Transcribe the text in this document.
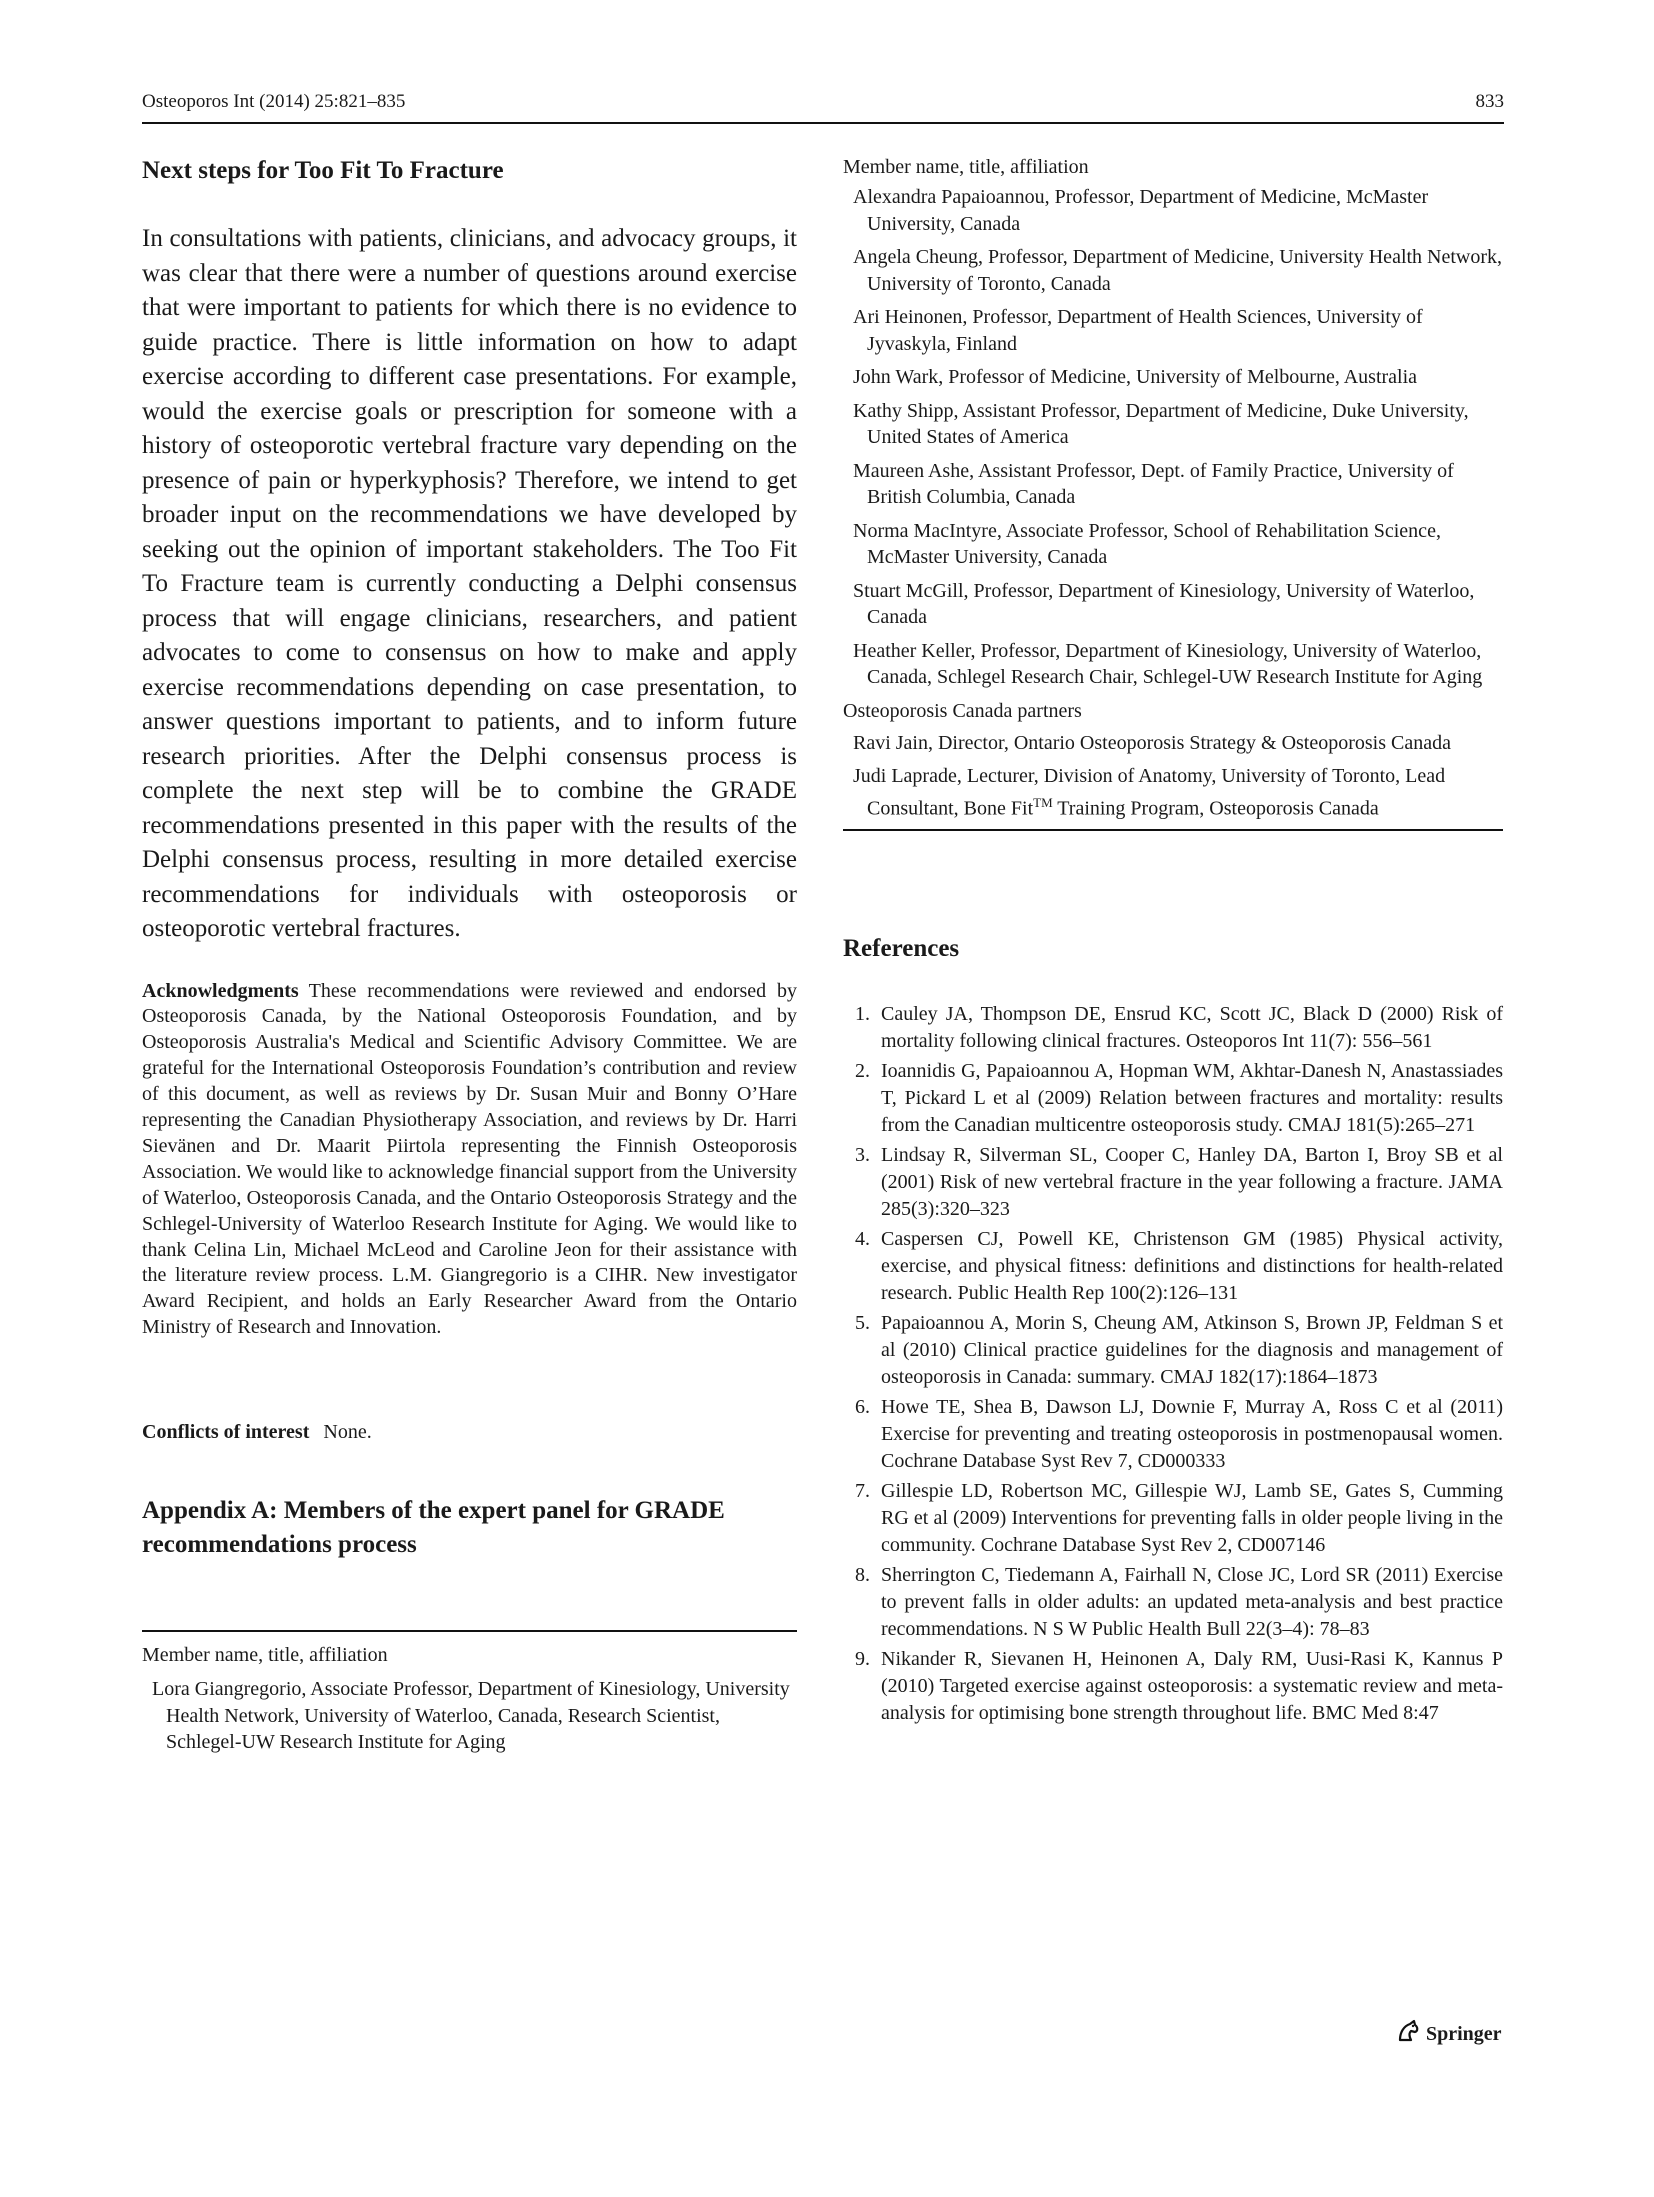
Osteoporos Int (2014) 25:821–835	833
Next steps for Too Fit To Fracture

In consultations with patients, clinicians, and advocacy groups, it was clear that there were a number of questions around exercise that were important to patients for which there is no evidence to guide practice. There is little information on how to adapt exercise according to different case presentations. For example, would the exercise goals or prescription for someone with a history of osteoporotic vertebral fracture vary depending on the presence of pain or hyperkyphosis? Therefore, we intend to get broader input on the recommendations we have developed by seeking out the opinion of important stakeholders. The Too Fit To Fracture team is currently conducting a Delphi consensus process that will engage clinicians, researchers, and patient advocates to come to consensus on how to make and apply exercise recommendations depending on case presentation, to answer questions important to patients, and to inform future research priorities. After the Delphi consensus process is complete the next step will be to combine the GRADE recommendations presented in this paper with the results of the Delphi consensus process, resulting in more detailed exercise recommendations for individuals with osteoporosis or osteoporotic vertebral fractures.

Acknowledgments These recommendations were reviewed and endorsed by Osteoporosis Canada, by the National Osteoporosis Foundation, and by Osteoporosis Australia's Medical and Scientific Advisory Committee. We are grateful for the International Osteoporosis Foundation’s contribution and review of this document, as well as reviews by Dr. Susan Muir and Bonny O’Hare representing the Canadian Physiotherapy Association, and reviews by Dr. Harri Sievänen and Dr. Maarit Piirtola representing the Finnish Osteoporosis Association. We would like to acknowledge financial support from the University of Waterloo, Osteoporosis Canada, and the Ontario Osteoporosis Strategy and the Schlegel-University of Waterloo Research Institute for Aging. We would like to thank Celina Lin, Michael McLeod and Caroline Jeon for their assistance with the literature review process. L.M. Giangregorio is a CIHR. New investigator Award Recipient, and holds an Early Researcher Award from the Ontario Ministry of Research and Innovation.

Conflicts of interest None.

Appendix A: Members of the expert panel for GRADE recommendations process

Member name, title, affiliation

Lora Giangregorio, Associate Professor, Department of Kinesiology, University Health Network, University of Waterloo, Canada, Research Scientist, Schlegel-UW Research Institute for Aging

Member name, title, affiliation

Alexandra Papaioannou, Professor, Department of Medicine, McMaster University, Canada

Angela Cheung, Professor, Department of Medicine, University Health Network, University of Toronto, Canada

Ari Heinonen, Professor, Department of Health Sciences, University of Jyvaskyla, Finland

John Wark, Professor of Medicine, University of Melbourne, Australia

Kathy Shipp, Assistant Professor, Department of Medicine, Duke University, United States of America

Maureen Ashe, Assistant Professor, Dept. of Family Practice, University of British Columbia, Canada

Norma MacIntyre, Associate Professor, School of Rehabilitation Science, McMaster University, Canada

Stuart McGill, Professor, Department of Kinesiology, University of Waterloo, Canada

Heather Keller, Professor, Department of Kinesiology, University of Waterloo, Canada, Schlegel Research Chair, Schlegel-UW Research Institute for Aging

Osteoporosis Canada partners

Ravi Jain, Director, Ontario Osteoporosis Strategy & Osteoporosis Canada

Judi Laprade, Lecturer, Division of Anatomy, University of Toronto, Lead Consultant, Bone Fit™ Training Program, Osteoporosis Canada

References
1. Cauley JA, Thompson DE, Ensrud KC, Scott JC, Black D (2000) Risk of mortality following clinical fractures. Osteoporos Int 11(7): 556–561
2. Ioannidis G, Papaioannou A, Hopman WM, Akhtar-Danesh N, Anastassiades T, Pickard L et al (2009) Relation between fractures and mortality: results from the Canadian multicentre osteoporosis study. CMAJ 181(5):265–271
3. Lindsay R, Silverman SL, Cooper C, Hanley DA, Barton I, Broy SB et al (2001) Risk of new vertebral fracture in the year following a fracture. JAMA 285(3):320–323
4. Caspersen CJ, Powell KE, Christenson GM (1985) Physical activity, exercise, and physical fitness: definitions and distinctions for health-related research. Public Health Rep 100(2):126–131
5. Papaioannou A, Morin S, Cheung AM, Atkinson S, Brown JP, Feldman S et al (2010) Clinical practice guidelines for the diagnosis and management of osteoporosis in Canada: summary. CMAJ 182(17):1864–1873
6. Howe TE, Shea B, Dawson LJ, Downie F, Murray A, Ross C et al (2011) Exercise for preventing and treating osteoporosis in postmenopausal women. Cochrane Database Syst Rev 7, CD000333
7. Gillespie LD, Robertson MC, Gillespie WJ, Lamb SE, Gates S, Cumming RG et al (2009) Interventions for preventing falls in older people living in the community. Cochrane Database Syst Rev 2, CD007146
8. Sherrington C, Tiedemann A, Fairhall N, Close JC, Lord SR (2011) Exercise to prevent falls in older adults: an updated meta-analysis and best practice recommendations. N S W Public Health Bull 22(3–4): 78–83
9. Nikander R, Sievanen H, Heinonen A, Daly RM, Uusi-Rasi K, Kannus P (2010) Targeted exercise against osteoporosis: a systematic review and meta-analysis for optimising bone strength throughout life. BMC Med 8:47
Springer
